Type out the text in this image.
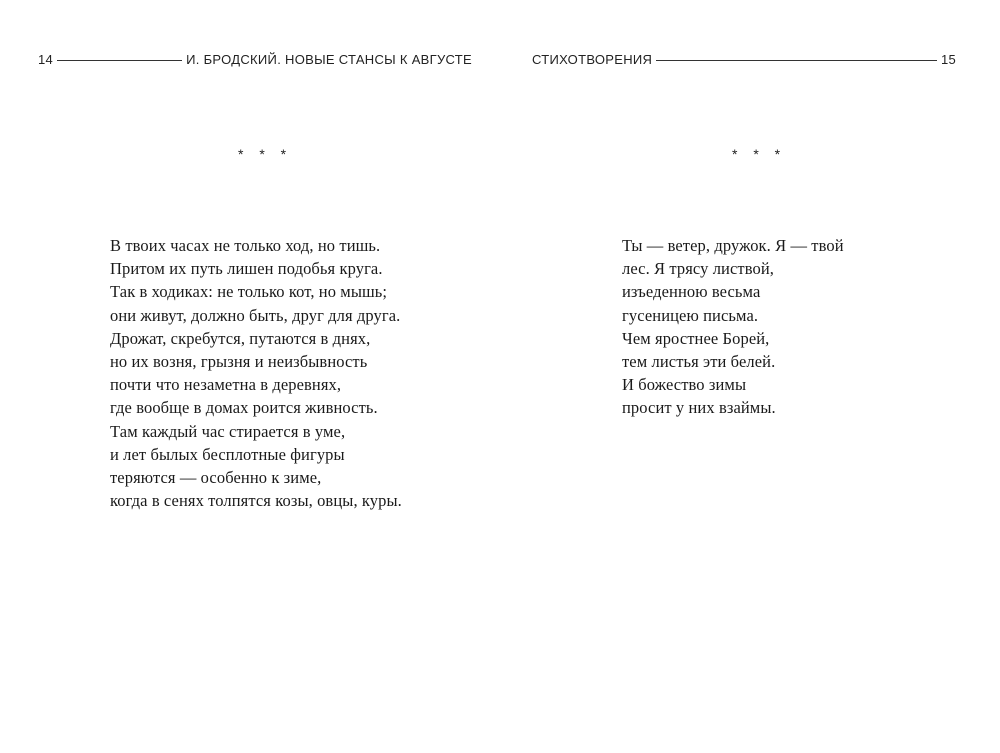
14	И. БРОДСКИЙ. НОВЫЕ СТАНСЫ К АВГУСТЕ
* * *
В твоих часах не только ход, но тишь.
Притом их путь лишен подобья круга.
Так в ходиках: не только кот, но мышь;
они живут, должно быть, друг для друга.
Дрожат, скребутся, путаются в днях,
но их возня, грызня и неизбывность
почти что незаметна в деревнях,
где вообще в домах роится живность.
Там каждый час стирается в уме,
и лет былых бесплотные фигуры
теряются — особенно к зиме,
когда в сенях толпятся козы, овцы, куры.
СТИХОТВОРЕНИЯ	15
* * *
Ты — ветер, дружок. Я — твой
лес. Я трясу листвой,
изъеденною весьма
гусеницею письма.
Чем яростнее Борей,
тем листья эти белей.
И божество зимы
просит у них взаймы.
